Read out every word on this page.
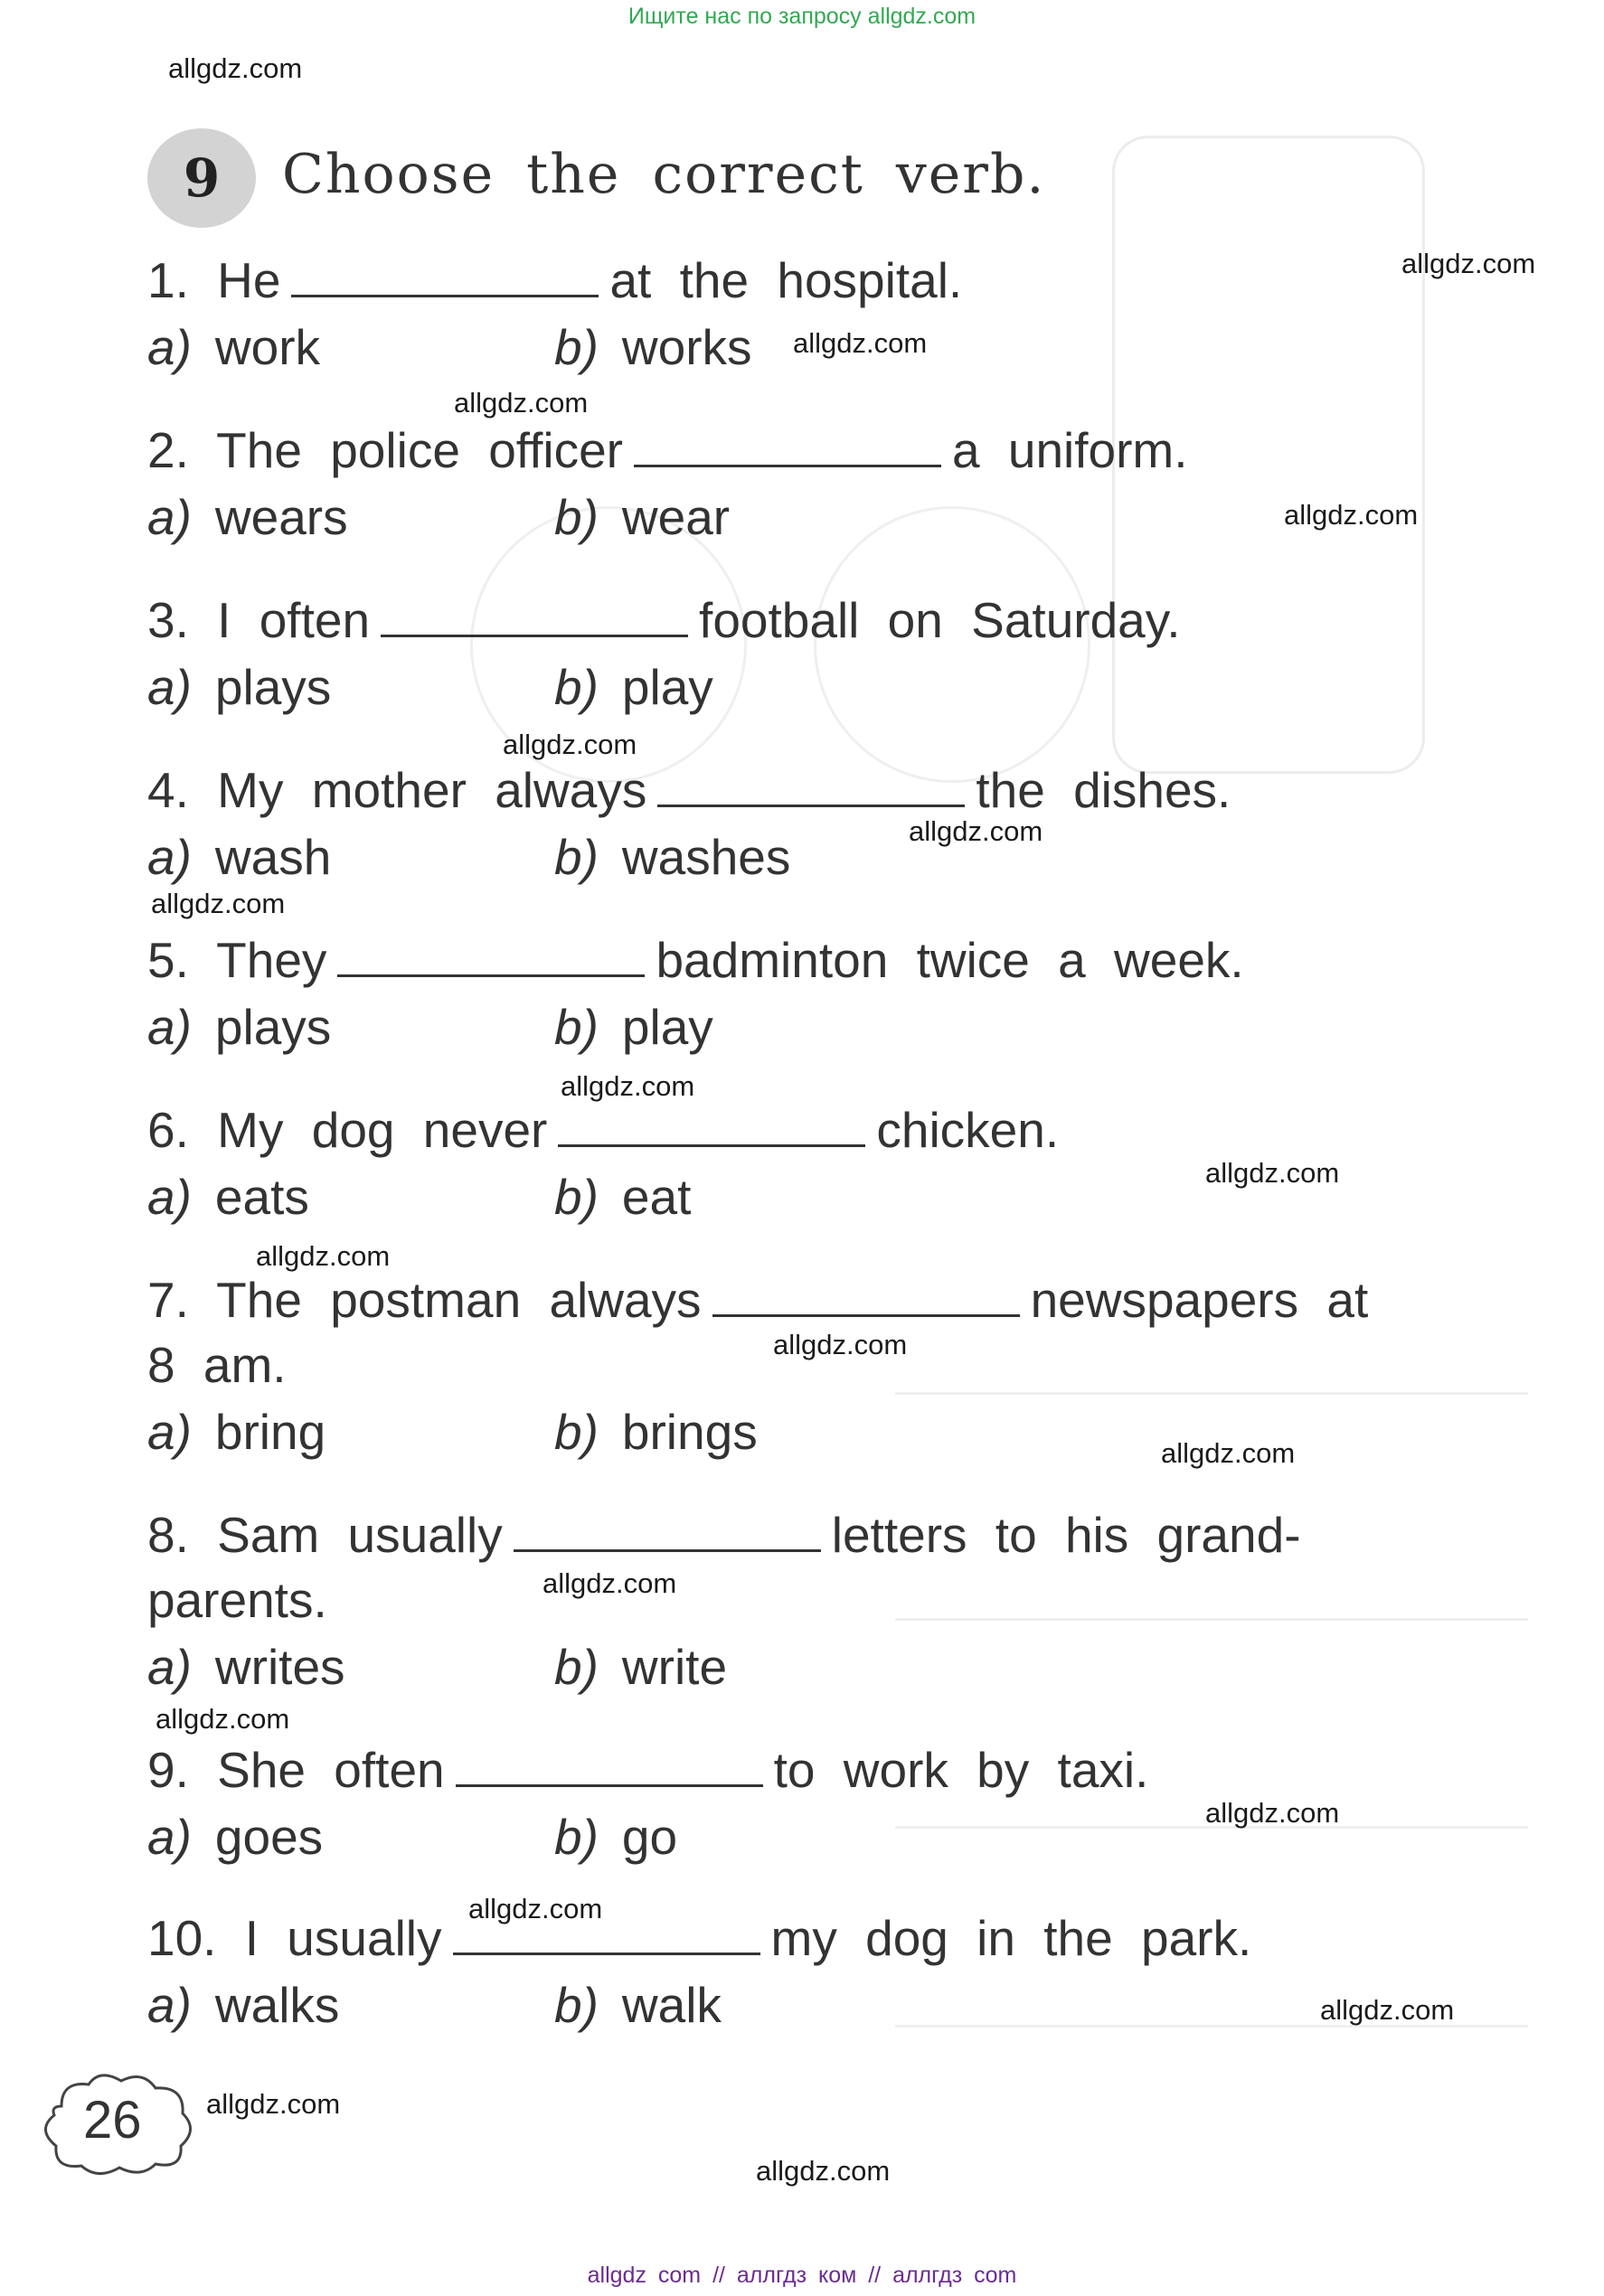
Ищите нас по запросу allgdz.com
allgdz.com
allgdz.com
allgdz.com
allgdz.com
allgdz.com
allgdz.com
allgdz.com
allgdz.com
allgdz.com
allgdz.com
allgdz.com
allgdz.com
allgdz.com
allgdz.com
allgdz.com
allgdz.com
allgdz.com
allgdz.com
allgdz.com
allgdz.com
9	Choose the correct verb.
1. He	at the hospital.
a) work	b) works
2. The police officer	a uniform.
a) wears	b) wear
3. I often	football on Saturday.
a) plays	b) play
4. My mother always	the dishes.
a) wash	b) washes
5. They	badminton twice a week.
a) plays	b) play
6. My dog never	chicken.
a) eats	b) eat
7. The postman always	newspapers at
8 am.
a) bring	b) brings
8. Sam usually	letters to his grand-
parents.
a) writes	b) write
9. She often	to work by taxi.
a) goes	b) go
10. I usually	my dog in the park.
a) walks	b) walk
26
allgdz com // аллгдз ком // аллгдз com
